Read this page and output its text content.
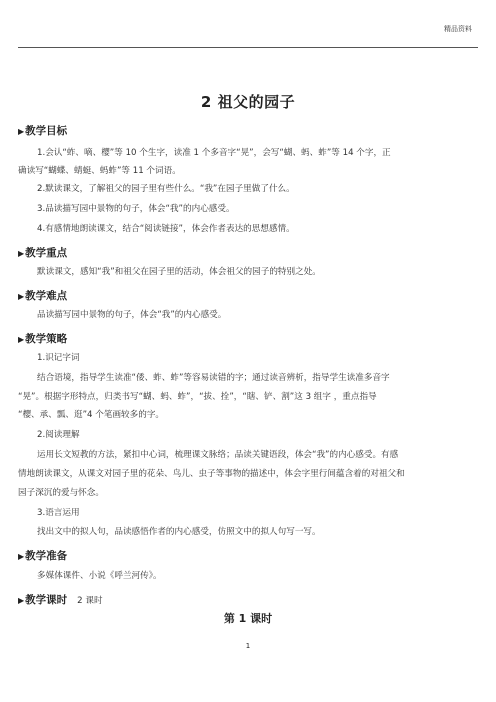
精品资料
2 祖父的园子
▶教学目标
1.会认“蚱、嘀、樱”等 10 个生字，读准 1 个多音字“晃”，会写“蝴、蚂、蚱”等 14 个字，正
确读写“蝴蝶、蜻蜓、蚂蚱”等 11 个词语。
2.默读课文，了解祖父的园子里有些什么。“我”在园子里做了什么。
3.品读描写园中景物的句子，体会“我”的内心感受。
4.有感情地朗读课文，结合“阅读链接”，体会作者表达的思想感情。
▶教学重点
默读课文，感知“我”和祖父在园子里的活动，体会祖父的园子的特别之处。
▶教学难点
品读描写园中景物的句子，体会“我”的内心感受。
▶教学策略
1.识记字词
结合语境，指导学生读准“倭、蚱、蚱”等容易读错的字；通过读音辨析，指导学生读准多音字
“晃”。根据字形特点，归类书写“蝴、蚂、蚱”，“拔、拴”，“瞎、铲、割”这 3 组字 ，重点指导
“樱、承、瓢、逛”4 个笔画较多的字。
2.阅读理解
运用长文短教的方法，紧扣中心词，梳理课文脉络；品读关键语段，体会“我”的内心感受。有感
情地朗读课文，从课文对园子里的花朵、鸟儿、虫子等事物的描述中，体会字里行间蕴含着的对祖父和
园子深沉的爱与怀念。
3.语言运用
找出文中的拟人句，品读感悟作者的内心感受，仿照文中的拟人句写一写。
▶教学准备
多媒体课件、小说《呼兰河传》。
▶教学课时 2 课时
第 1 课时
1
